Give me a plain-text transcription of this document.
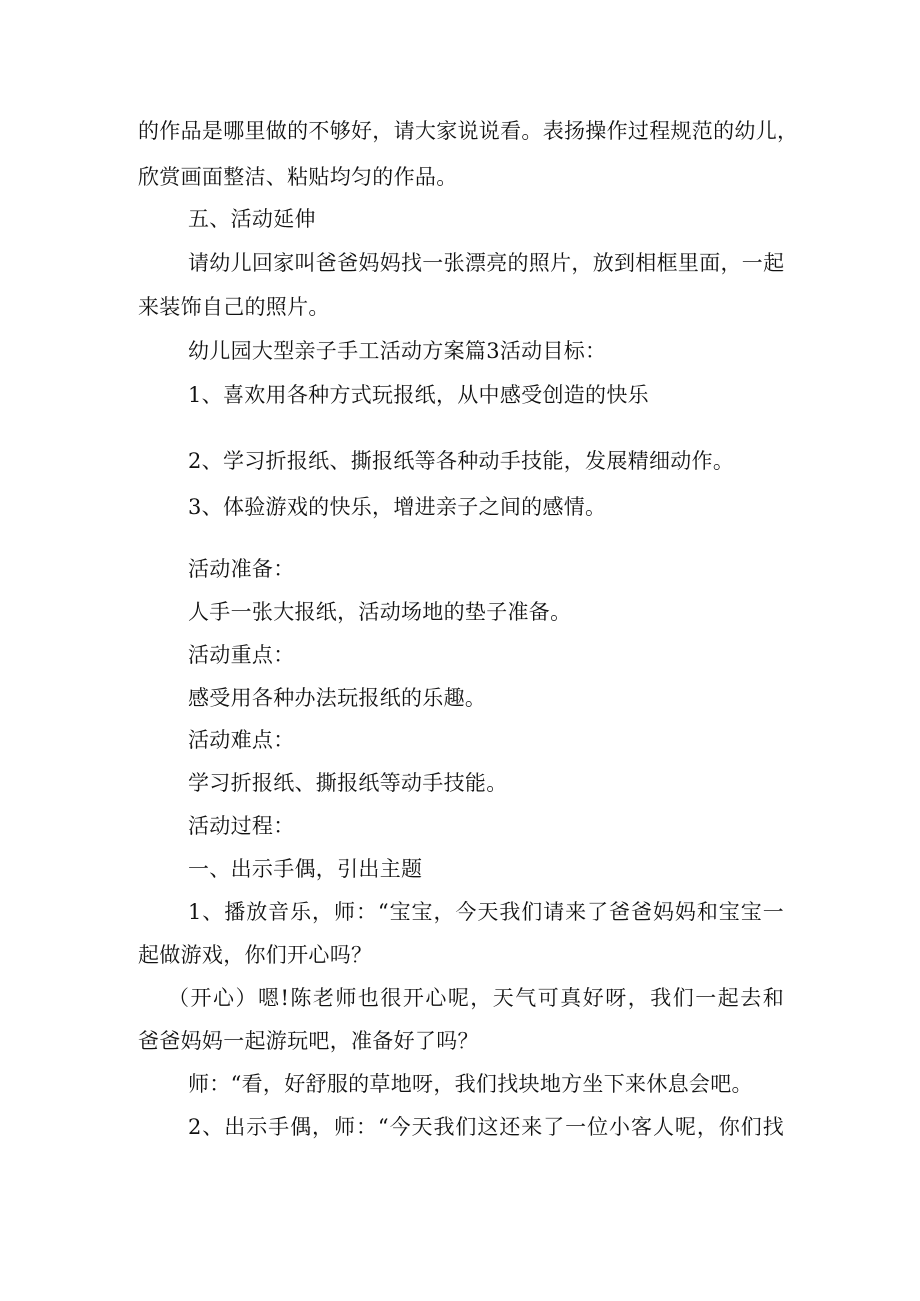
的作品是哪里做的不够好，请大家说说看。表扬操作过程规范的幼儿，
欣赏画面整洁、粘贴均匀的作品。
五、活动延伸
请幼儿回家叫爸爸妈妈找一张漂亮的照片，放到相框里面，一起
来装饰自己的照片。
幼儿园大型亲子手工活动方案篇3活动目标：
1、喜欢用各种方式玩报纸，从中感受创造的快乐
2、学习折报纸、撕报纸等各种动手技能，发展精细动作。
3、体验游戏的快乐，增进亲子之间的感情。
活动准备：
人手一张大报纸，活动场地的垫子准备。
活动重点：
感受用各种办法玩报纸的乐趣。
活动难点：
学习折报纸、撕报纸等动手技能。
活动过程：
一、出示手偶，引出主题
1、播放音乐，师：“宝宝，今天我们请来了爸爸妈妈和宝宝一
起做游戏，你们开心吗？
（开心）嗯!陈老师也很开心呢，天气可真好呀，我们一起去和
爸爸妈妈一起游玩吧，准备好了吗？
师：“看，好舒服的草地呀，我们找块地方坐下来休息会吧。
2、出示手偶，师：“今天我们这还来了一位小客人呢，你们找
